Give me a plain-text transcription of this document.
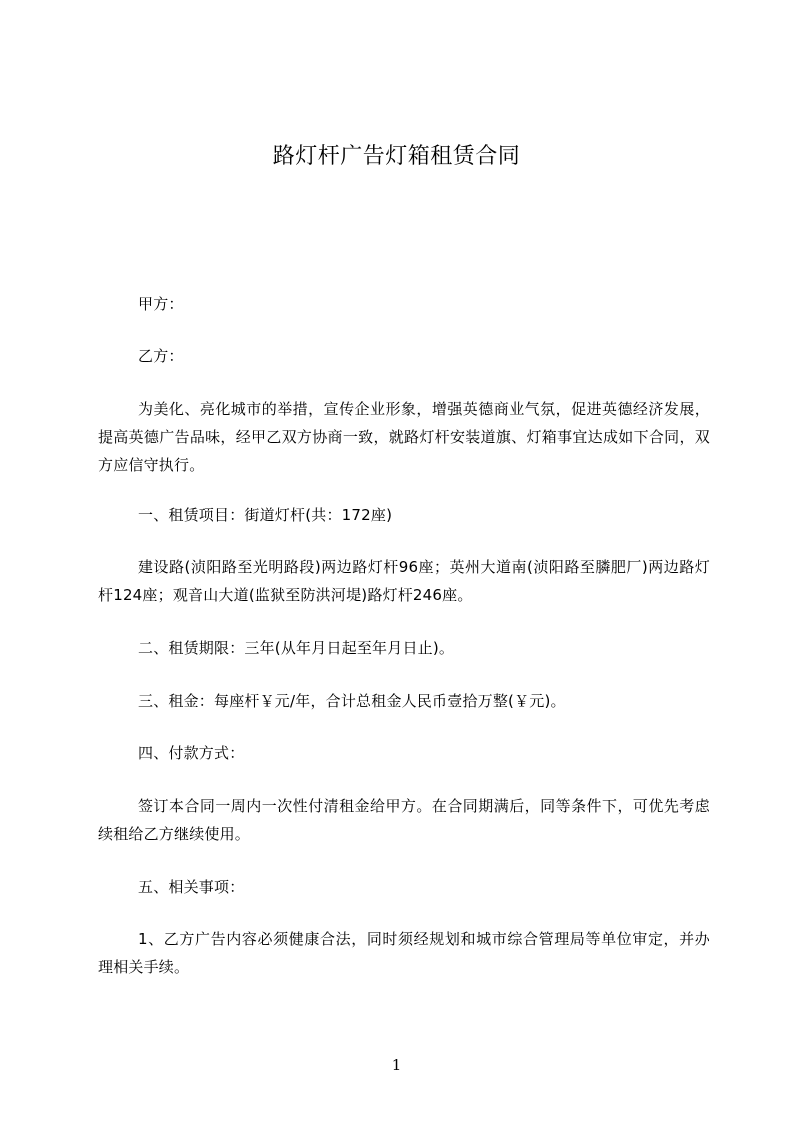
路灯杆广告灯箱租赁合同

甲方：

乙方：

为美化、亮化城市的举措，宣传企业形象，增强英德商业气氛，促进英德经济发展，提高英德广告品味，经甲乙双方协商一致，就路灯杆安装道旗、灯箱事宜达成如下合同，双方应信守执行。

一、租赁项目：街道灯杆(共：172座)

建设路(浈阳路至光明路段)两边路灯杆96座；英州大道南(浈阳路至膦肥厂)两边路灯杆124座；观音山大道(监狱至防洪河堤)路灯杆246座。

二、租赁期限：三年(从年月日起至年月日止)。

三、租金：每座杆￥元/年，合计总租金人民币壹拾万整(￥元)。

四、付款方式：

签订本合同一周内一次性付清租金给甲方。在合同期满后，同等条件下，可优先考虑续租给乙方继续使用。

五、相关事项：

1、乙方广告内容必须健康合法，同时须经规划和城市综合管理局等单位审定，并办理相关手续。

1
